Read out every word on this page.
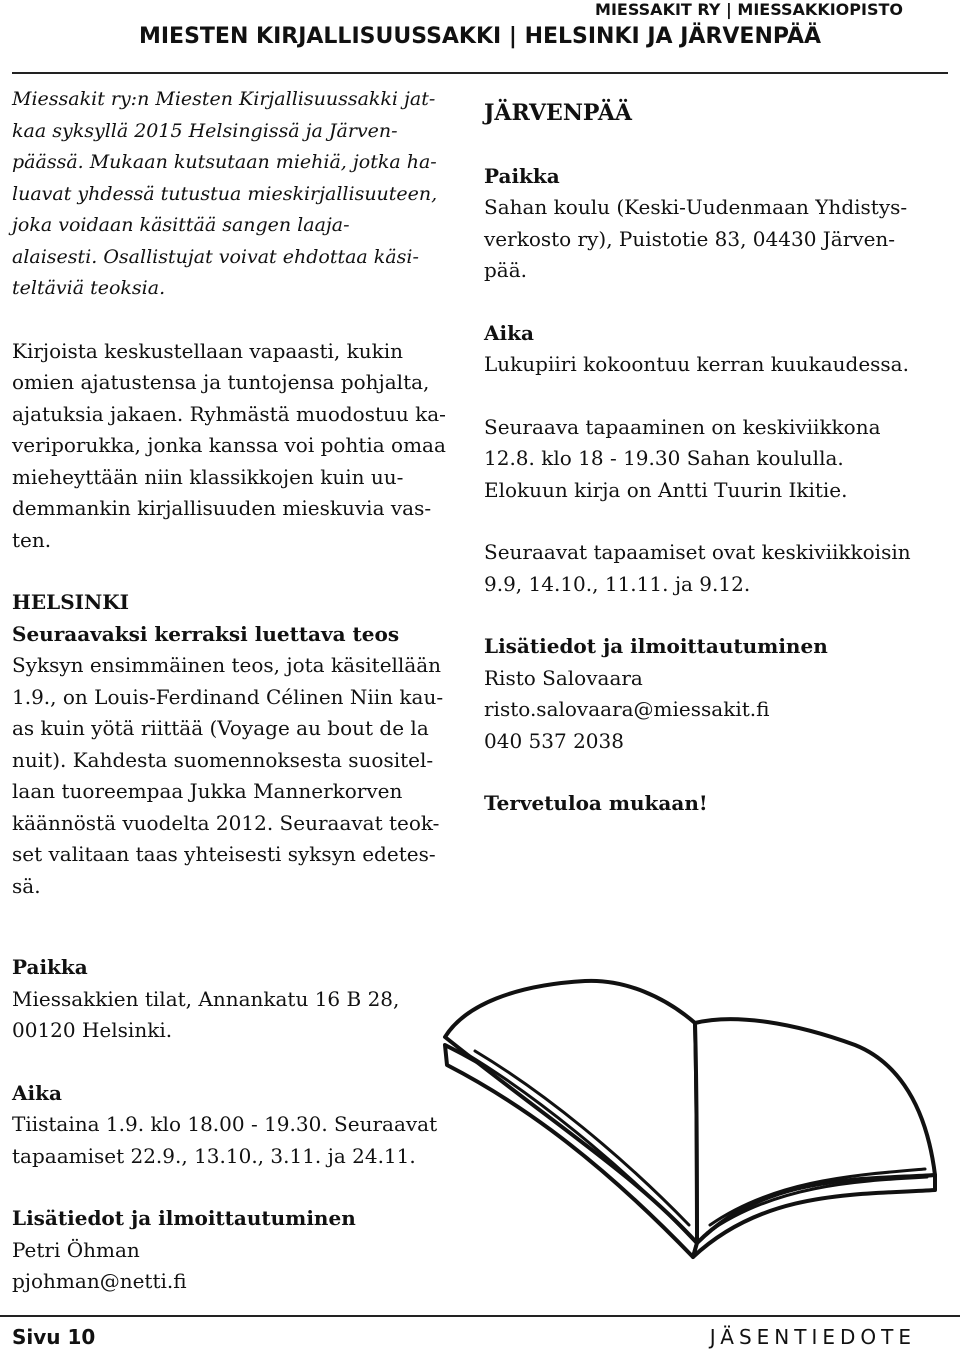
MIESSAKIT RY | MIESSAKKIOPISTO
MIESTEN KIRJALLISUUSSAKKI | HELSINKI JA JÄRVENPÄÄ

Miessakit ry:n Miesten Kirjallisuussakki jat-

kaa syksyllä 2015 Helsingissä ja Järven-

päässä. Mukaan kutsutaan miehiä, jotka ha-

luavat yhdessä tutustua mieskirjallisuuteen,

joka voidaan käsittää sangen laaja-

alaisesti. Osallistujat voivat ehdottaa käsi-

teltäviä teoksia.

Kirjoista keskustellaan vapaasti, kukin

omien ajatustensa ja tuntojensa pohjalta,

ajatuksia jakaen. Ryhmästä muodostuu ka-

veriporukka, jonka kanssa voi pohtia omaa

mieheyttään niin klassikkojen kuin uu-

demmankin kirjallisuuden mieskuvia vas-

ten.

HELSINKI

Seuraavaksi kerraksi luettava teos

Syksyn ensimmäinen teos, jota käsitellään

1.9., on Louis-Ferdinand Célinen Niin kau-

as kuin yötä riittää (Voyage au bout de la

nuit). Kahdesta suomennoksesta suositel-

laan tuoreempaa Jukka Mannerkorven

käännöstä vuodelta 2012. Seuraavat teok-

set valitaan taas yhteisesti syksyn edetes-

sä.

Paikka

Miessakkien tilat, Annankatu 16 B 28,

00120 Helsinki.

Aika

Tiistaina 1.9. klo 18.00 - 19.30. Seuraavat

tapaamiset 22.9., 13.10., 3.11. ja 24.11.

Lisätiedot ja ilmoittautuminen

Petri Öhman

pjohman@netti.fi

JÄRVENPÄÄ

Paikka

Sahan koulu (Keski-Uudenmaan Yhdistys-

verkosto ry), Puistotie 83, 04430 Järven-

pää.

Aika

Lukupiiri kokoontuu kerran kuukaudessa.

Seuraava tapaaminen on keskiviikkona

12.8. klo 18 - 19.30 Sahan koululla.

Elokuun kirja on Antti Tuurin Ikitie.

Seuraavat tapaamiset ovat keskiviikkoisin

9.9, 14.10., 11.11. ja 9.12.

Lisätiedot ja ilmoittautuminen

Risto Salovaara

risto.salovaara@miessakit.fi

040 537 2038

Tervetuloa mukaan!

Sivu 10	JÄSENTIEDOTE
